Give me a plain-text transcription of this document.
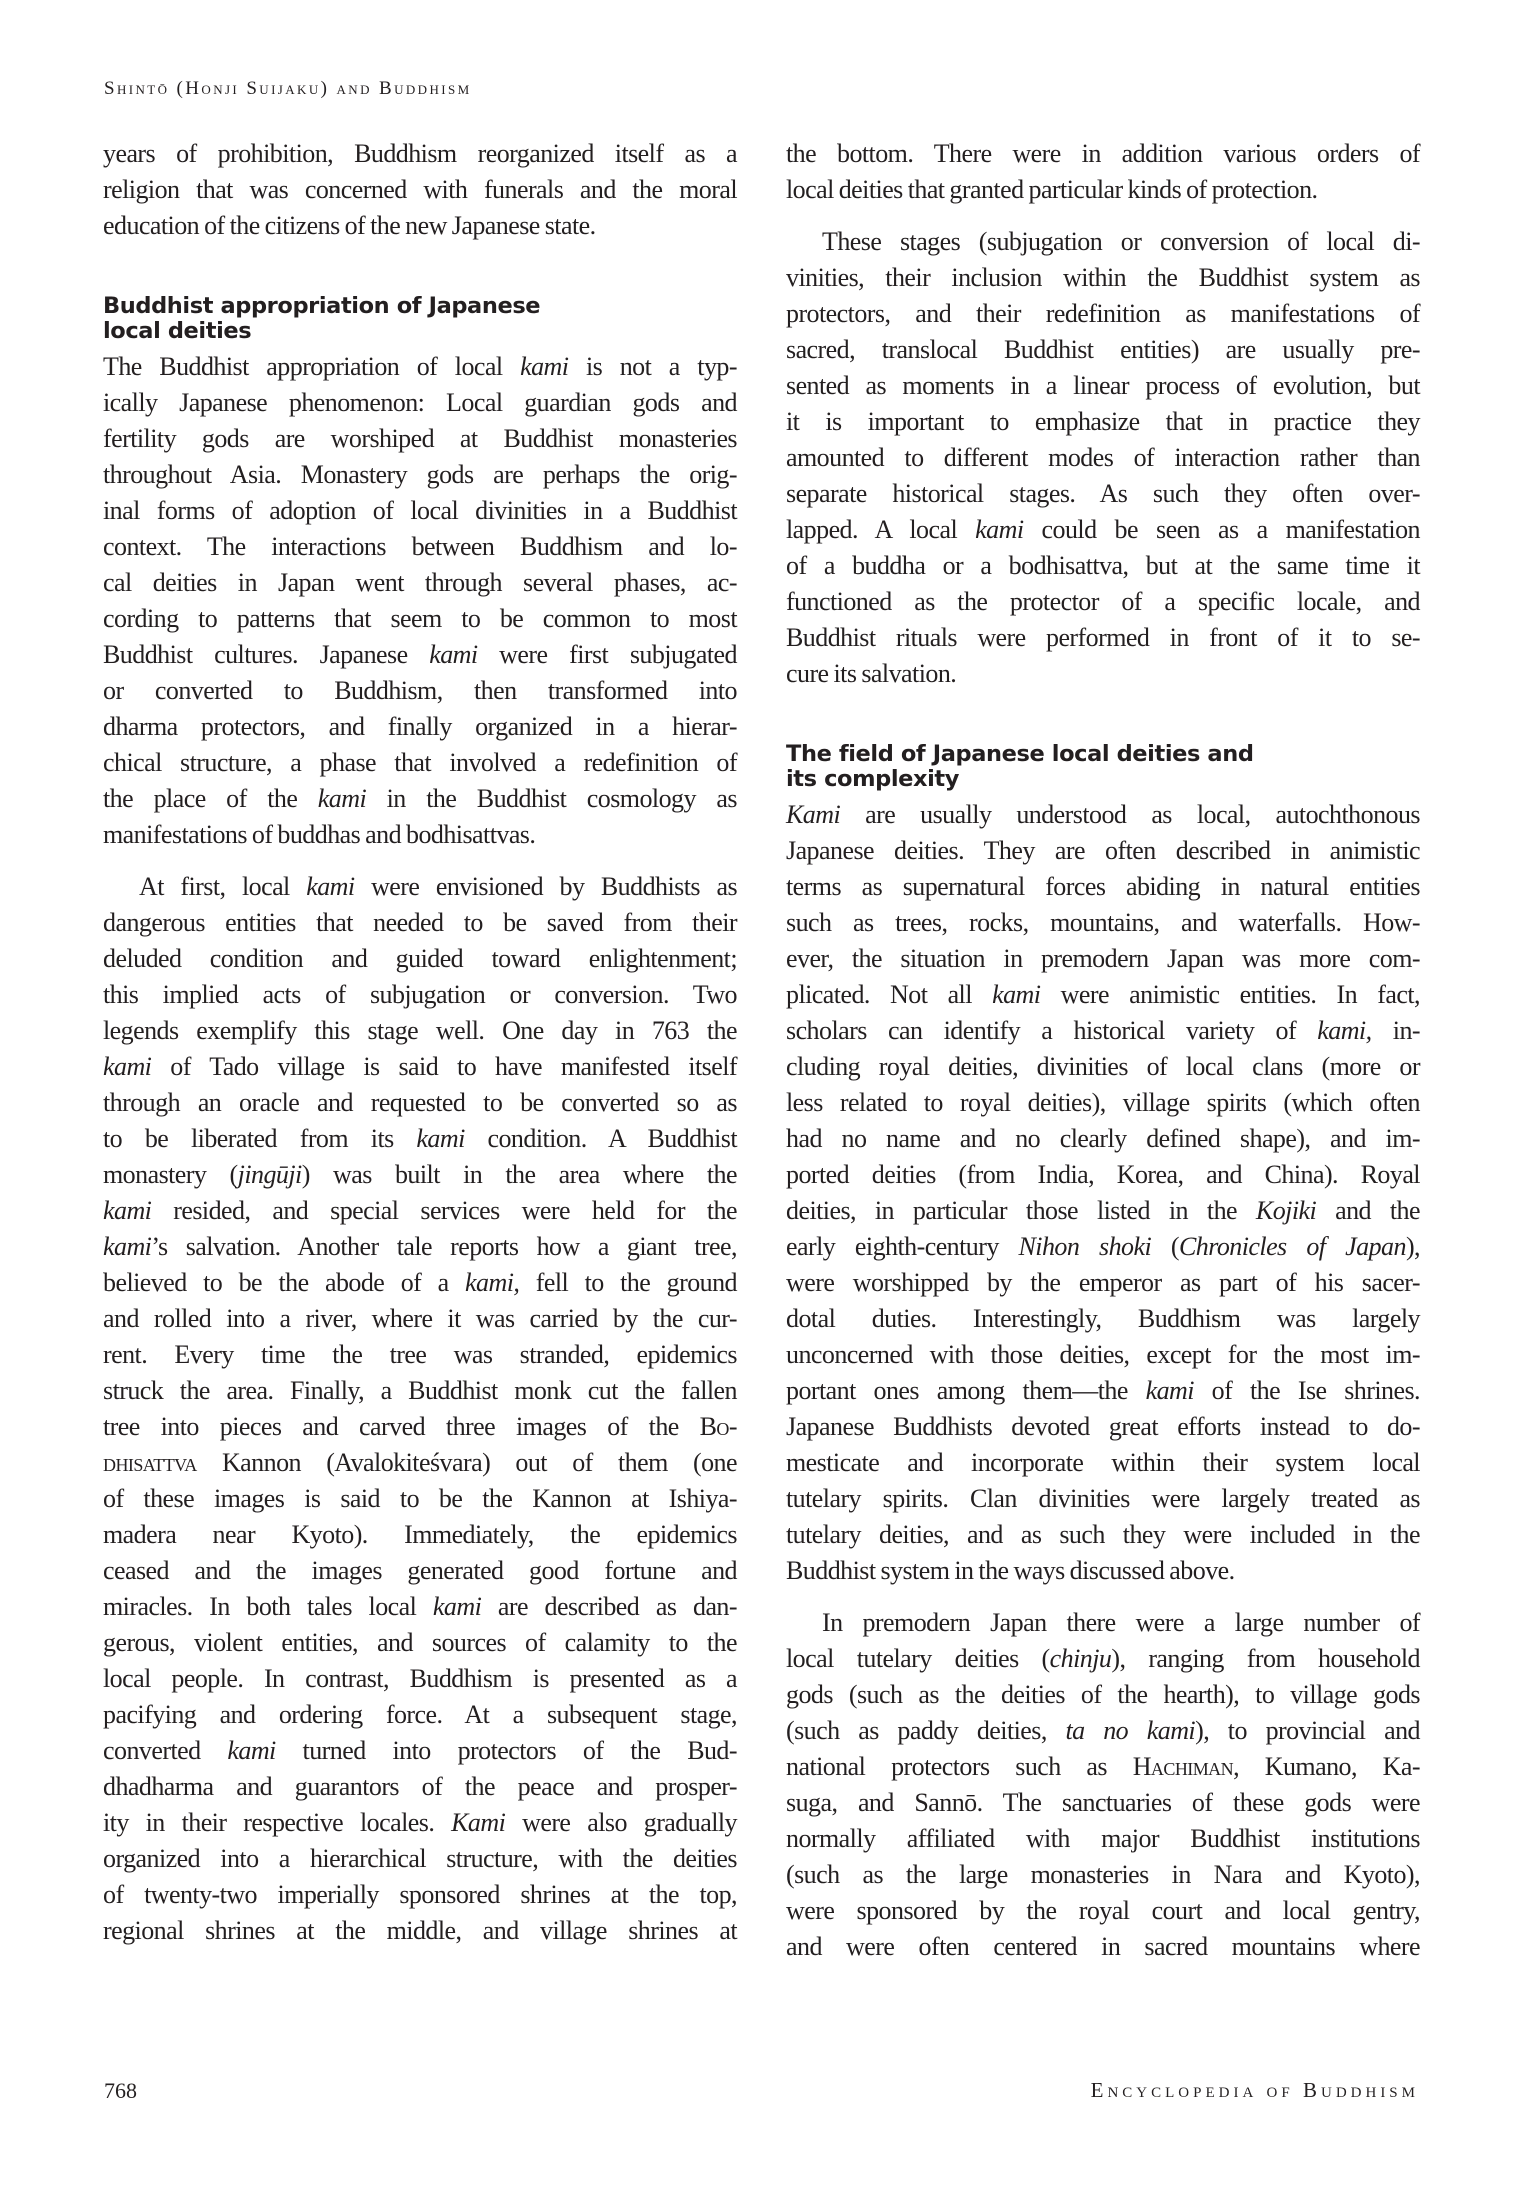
Shintō (Honji Suijaku) and Buddhism
years of prohibition, Buddhism reorganized itself as a
religion that was concerned with funerals and the moral
education of the citizens of the new Japanese state.
Buddhist appropriation of Japanese
local deities
The Buddhist appropriation of local kami is not a typ-
ically Japanese phenomenon: Local guardian gods and
fertility gods are worshiped at Buddhist monasteries
throughout Asia. Monastery gods are perhaps the orig-
inal forms of adoption of local divinities in a Buddhist
context. The interactions between Buddhism and lo-
cal deities in Japan went through several phases, ac-
cording to patterns that seem to be common to most
Buddhist cultures. Japanese kami were first subjugated
or converted to Buddhism, then transformed into
dharma protectors, and finally organized in a hierar-
chical structure, a phase that involved a redefinition of
the place of the kami in the Buddhist cosmology as
manifestations of buddhas and bodhisattvas.
At first, local kami were envisioned by Buddhists as
dangerous entities that needed to be saved from their
deluded condition and guided toward enlightenment;
this implied acts of subjugation or conversion. Two
legends exemplify this stage well. One day in 763 the
kami of Tado village is said to have manifested itself
through an oracle and requested to be converted so as
to be liberated from its kami condition. A Buddhist
monastery (jingūji) was built in the area where the
kami resided, and special services were held for the
kami’s salvation. Another tale reports how a giant tree,
believed to be the abode of a kami, fell to the ground
and rolled into a river, where it was carried by the cur-
rent. Every time the tree was stranded, epidemics
struck the area. Finally, a Buddhist monk cut the fallen
tree into pieces and carved three images of the Bo-
dhisattva Kannon (Avalokiteśvara) out of them (one
of these images is said to be the Kannon at Ishiya-
madera near Kyoto). Immediately, the epidemics
ceased and the images generated good fortune and
miracles. In both tales local kami are described as dan-
gerous, violent entities, and sources of calamity to the
local people. In contrast, Buddhism is presented as a
pacifying and ordering force. At a subsequent stage,
converted kami turned into protectors of the Bud-
dhadharma and guarantors of the peace and prosper-
ity in their respective locales. Kami were also gradually
organized into a hierarchical structure, with the deities
of twenty-two imperially sponsored shrines at the top,
regional shrines at the middle, and village shrines at
the bottom. There were in addition various orders of
local deities that granted particular kinds of protection.
These stages (subjugation or conversion of local di-
vinities, their inclusion within the Buddhist system as
protectors, and their redefinition as manifestations of
sacred, translocal Buddhist entities) are usually pre-
sented as moments in a linear process of evolution, but
it is important to emphasize that in practice they
amounted to different modes of interaction rather than
separate historical stages. As such they often over-
lapped. A local kami could be seen as a manifestation
of a buddha or a bodhisattva, but at the same time it
functioned as the protector of a specific locale, and
Buddhist rituals were performed in front of it to se-
cure its salvation.
The field of Japanese local deities and
its complexity
Kami are usually understood as local, autochthonous
Japanese deities. They are often described in animistic
terms as supernatural forces abiding in natural entities
such as trees, rocks, mountains, and waterfalls. How-
ever, the situation in premodern Japan was more com-
plicated. Not all kami were animistic entities. In fact,
scholars can identify a historical variety of kami, in-
cluding royal deities, divinities of local clans (more or
less related to royal deities), village spirits (which often
had no name and no clearly defined shape), and im-
ported deities (from India, Korea, and China). Royal
deities, in particular those listed in the Kojiki and the
early eighth-century Nihon shoki (Chronicles of Japan),
were worshipped by the emperor as part of his sacer-
dotal duties. Interestingly, Buddhism was largely
unconcerned with those deities, except for the most im-
portant ones among them—the kami of the Ise shrines.
Japanese Buddhists devoted great efforts instead to do-
mesticate and incorporate within their system local
tutelary spirits. Clan divinities were largely treated as
tutelary deities, and as such they were included in the
Buddhist system in the ways discussed above.
In premodern Japan there were a large number of
local tutelary deities (chinju), ranging from household
gods (such as the deities of the hearth), to village gods
(such as paddy deities, ta no kami), to provincial and
national protectors such as Hachiman, Kumano, Ka-
suga, and Sannō. The sanctuaries of these gods were
normally affiliated with major Buddhist institutions
(such as the large monasteries in Nara and Kyoto),
were sponsored by the royal court and local gentry,
and were often centered in sacred mountains where
768	Encyclopedia of Buddhism
